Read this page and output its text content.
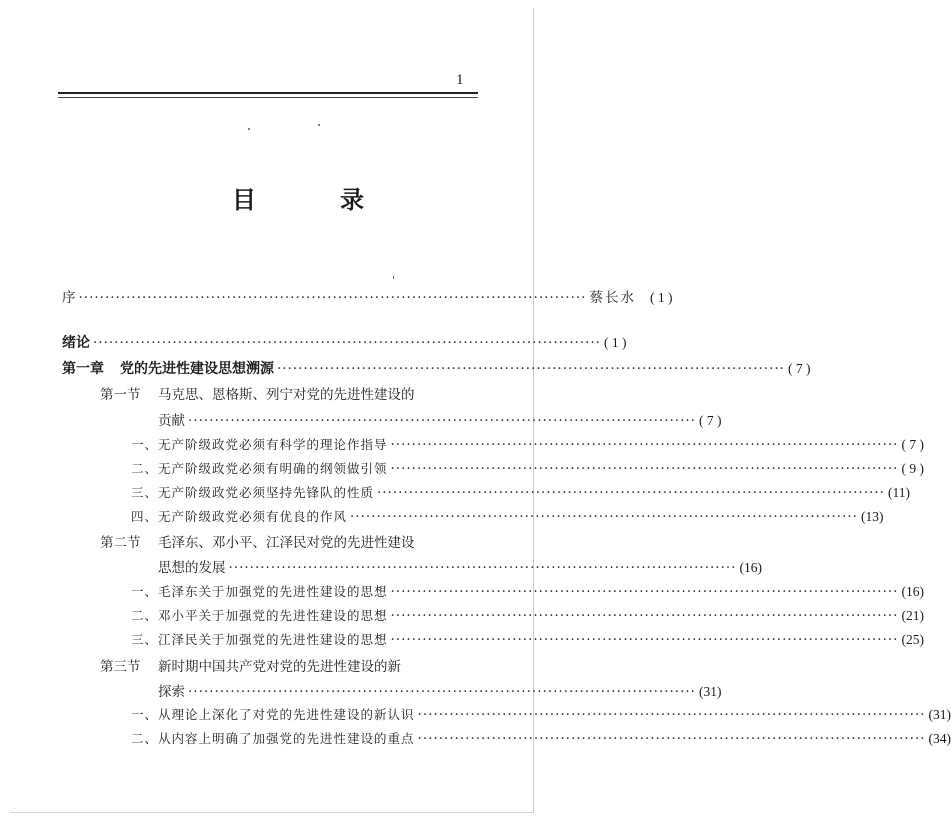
1
目　录
序 ································································································ 蔡长水 ( 1 )
绪论 ································································································ ( 1 )
第一章 党的先进性建设思想溯源 ································································································ ( 7 )
第一节 马克思、恩格斯、列宁对党的先进性建设的
贡献 ································································································ ( 7 )
一、无产阶级政党必须有科学的理论作指导 ································································································ ( 7 )
二、无产阶级政党必须有明确的纲领做引领 ································································································ ( 9 )
三、无产阶级政党必须坚持先锋队的性质 ································································································ (11)
四、无产阶级政党必须有优良的作风 ································································································ (13)
第二节 毛泽东、邓小平、江泽民对党的先进性建设
思想的发展 ································································································ (16)
一、毛泽东关于加强党的先进性建设的思想 ································································································ (16)
二、邓小平关于加强党的先进性建设的思想 ································································································ (21)
三、江泽民关于加强党的先进性建设的思想 ································································································ (25)
第三节 新时期中国共产党对党的先进性建设的新
探索 ································································································ (31)
一、从理论上深化了对党的先进性建设的新认识 ································································································ (31)
二、从内容上明确了加强党的先进性建设的重点 ································································································ (34)
